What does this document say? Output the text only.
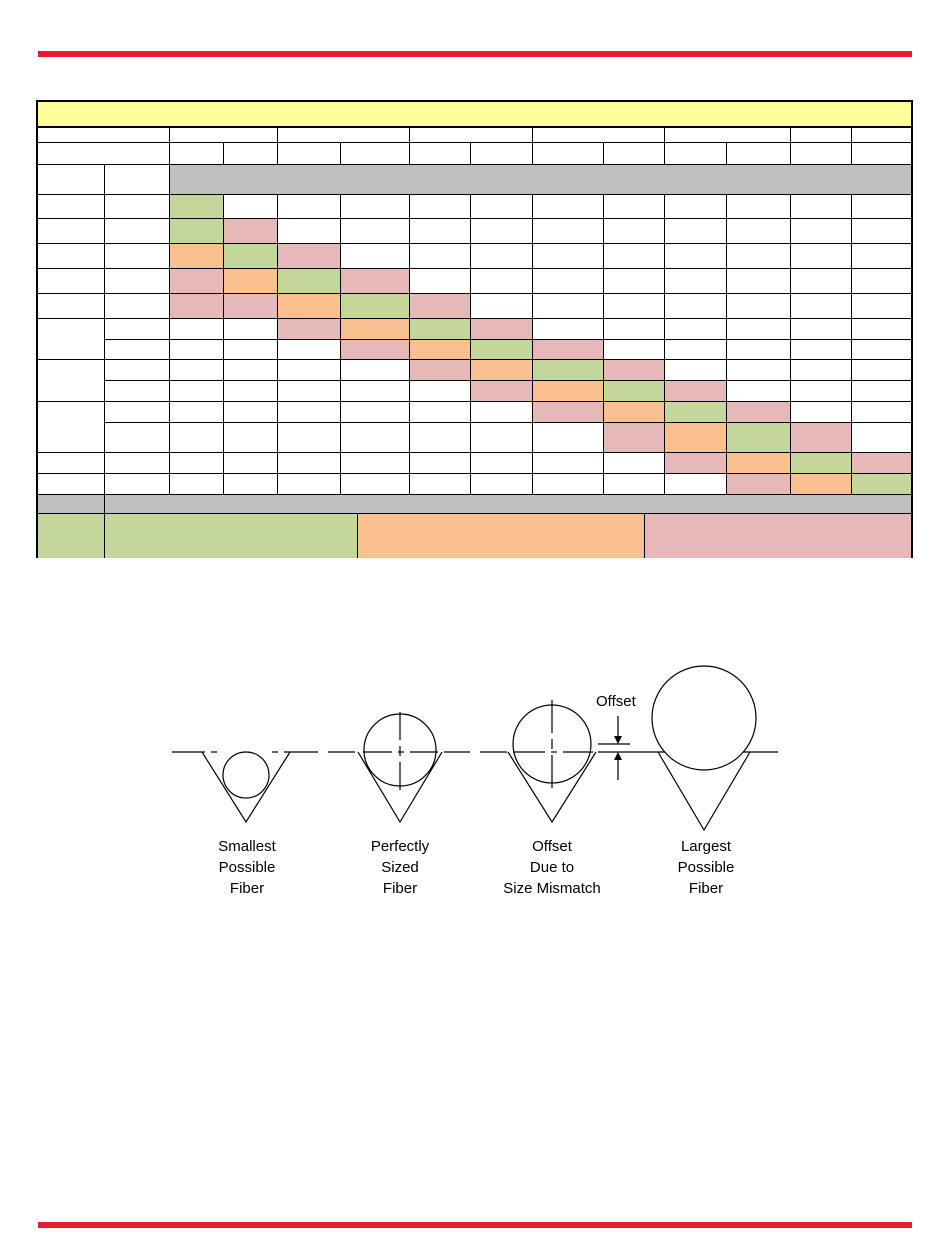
Offset
Smallest
Possible
Fiber
Perfectly
Sized
Fiber
Offset
Due to
Size Mismatch
Largest
Possible
Fiber
